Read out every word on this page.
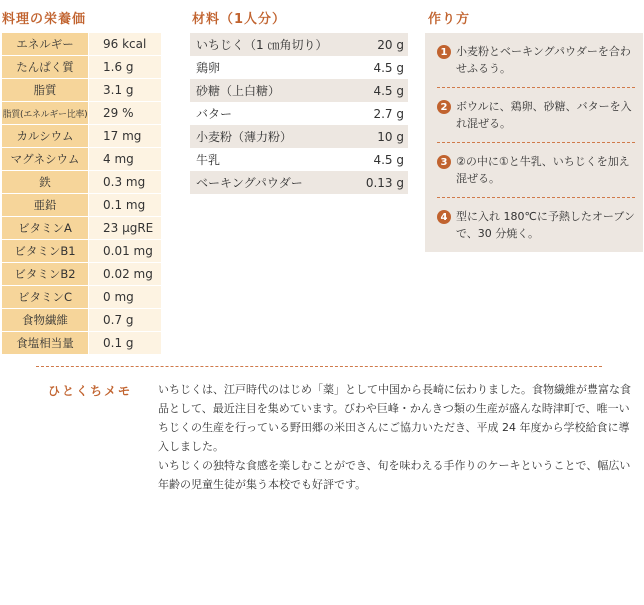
料理の栄養価	材料（1人分）	作り方
エネルギー	96 kcal
たんぱく質	1.6 g
脂質	3.1 g
脂質(エネルギー比率)	29 %
カルシウム	17 mg
マグネシウム	4 mg
鉄	0.3 mg
亜鉛	0.1 mg
ビタミンA	23 μgRE
ビタミンB1	0.01 mg
ビタミンB2	0.02 mg
ビタミンC	0 mg
食物繊維	0.7 g
食塩相当量	0.1 g
いちじく（1 ㎝角切り）	20 g
鶏卵	4.5 g
砂糖（上白糖）	4.5 g
バター	2.7 g
小麦粉（薄力粉）	10 g
牛乳	4.5 g
ベーキングパウダー	0.13 g
1 小麦粉とベーキングパウダーを合わせふるう。
2 ボウルに、鶏卵、砂糖、バターを入れ混ぜる。
3 ②の中に①と牛乳、いちじくを加え混ぜる。
4 型に入れ 180℃に予熱したオーブンで、30 分焼く。
ひとくちメモ いちじくは、江戸時代のはじめ「薬」として中国から長崎に伝わりました。食物繊維が豊富な食品として、最近注目を集めています。びわや巨峰・かんきつ類の生産が盛んな時津町で、唯一いちじくの生産を行っている野田郷の米田さんにご協力いただき、平成 24 年度から学校給食に導入しました。

いちじくの独特な食感を楽しむことができ、旬を味わえる手作りのケーキということで、幅広い年齢の児童生徒が集う本校でも好評です。
